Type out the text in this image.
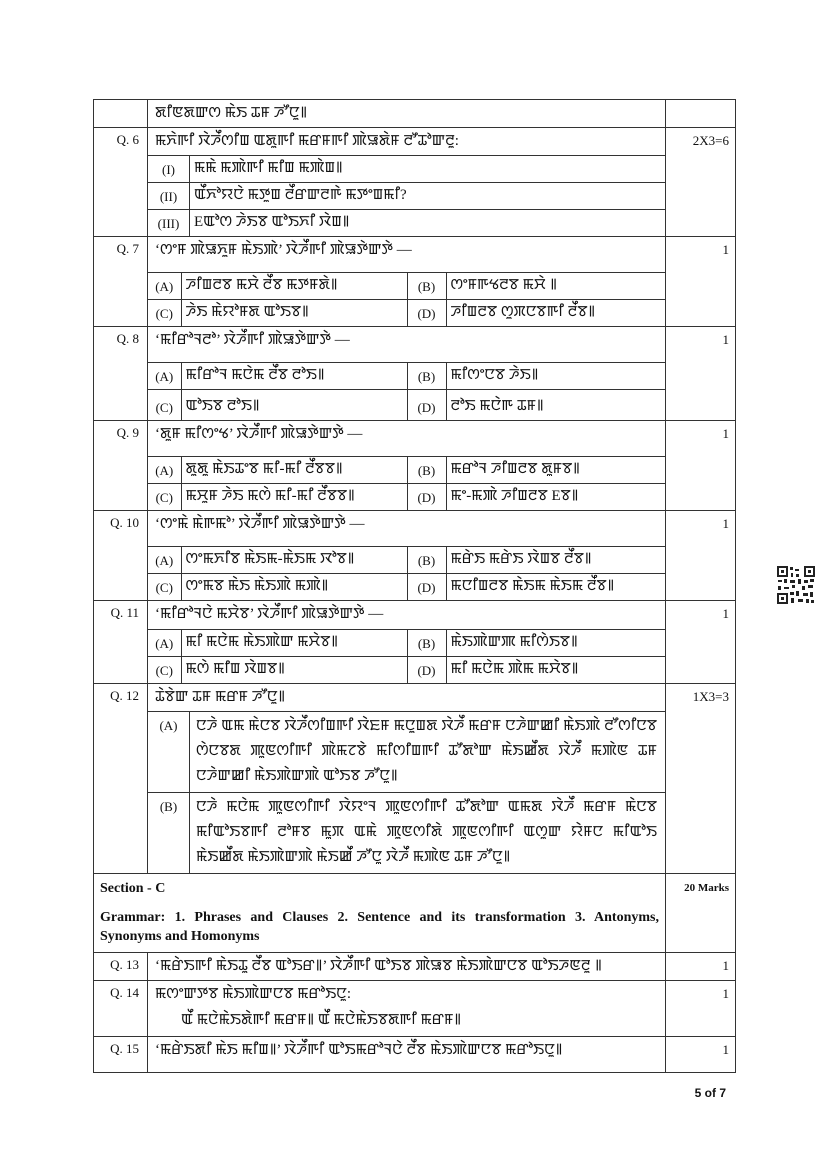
ꯗꯤꯟꯗꯛꯁ ꯃꯥꯏ ꯊꯝ ꯍꯧꯅꯨ꯫

Q. 6	ꯃꯈꯥꯒꯤ ꯋꯥꯍꯩꯁꯤꯡ ꯑꯗꯨꯒꯤ ꯃꯔꯝꯒꯤ ꯄꯥꯎꯗꯥꯝ ꯂꯧꯊꯣꯛꯂꯨ:
(I)	ꯃꯃꯥ ꯃꯄꯥꯒꯤ ꯃꯤꯡ ꯃꯄꯥꯡ꯫
(II)	ꯑꯩꯈꯣꯌꯅꯥ ꯃꯇꯨꯡ ꯂꯩꯔꯛꯂꯒꯥ ꯃꯇꯦꯡꯃꯤ?
(III)	Eꯑꯣꯁ ꯍꯥꯏꯕ ꯑꯣꯏꯈꯤ ꯋꯥꯡ꯫
	2X3=6
Q. 7	‘ꯁꯦꯝ ꯄꯥꯎꯈꯨꯝ ꯃꯥꯏꯄꯥ’ ꯋꯥꯍꯩꯒꯤ ꯄꯥꯎꯇꯥꯛꯇꯥ —
(A)	ꯍꯤꯡꯂꯕ ꯃꯆꯥ ꯂꯩꯕ ꯃꯇꯝꯗꯥ꯫	(B)	ꯁꯦꯝꯒꯠꯂꯕ ꯃꯆꯥ ꯫
(C)	ꯍꯥꯏ ꯃꯥꯌꯣꯝꯗ ꯑꯣꯏꯕ꯫	(D)	ꯍꯤꯡꯂꯕ ꯁꯨꯞꯅꯕꯒꯤ ꯂꯩꯕ꯫
	1
Q. 8	‘ꯃꯤꯔꯣꯜꯂꯣ’ ꯋꯥꯍꯩꯒꯤ ꯄꯥꯎꯇꯥꯛꯇꯥ —
(A)	ꯃꯤꯔꯣꯜ ꯃꯅꯥꯃ ꯂꯩꯕ ꯂꯣꯏ꯫	(B)	ꯃꯤꯁꯦꯅꯕ ꯍꯥꯏ꯫
(C)	ꯑꯣꯏꯕ ꯂꯣꯏ꯫	(D)	ꯂꯣꯏ ꯃꯅꯥꯒ ꯊꯝ꯫
	1
Q. 9	‘ꯗꯨꯝ ꯃꯤꯁꯦꯠ’ ꯋꯥꯍꯩꯒꯤ ꯄꯥꯎꯇꯥꯛꯇꯥ —
(A)	ꯗꯨꯗꯨ ꯃꯥꯏꯊꯦꯕ ꯃꯤ-ꯃꯤ ꯂꯩꯕꯕ꯫	(B)	ꯃꯔꯣꯜ ꯍꯤꯡꯂꯕ ꯗꯨꯝꯕ꯫
(C)	ꯃꯆꯨꯝ ꯍꯥꯏ ꯃꯁꯥ ꯃꯤ-ꯃꯤ ꯂꯩꯕꯕ꯫	(D)	ꯃꯦ-ꯃꯄꯥ ꯍꯤꯡꯂꯕ Eꯕ꯫
	1
Q. 10	‘ꯁꯦꯃꯥ ꯃꯥꯒꯃꯣ’ ꯋꯥꯍꯩꯒꯤ ꯄꯥꯎꯇꯥꯛꯇꯥ —
(A)	ꯁꯦꯃꯈꯤꯕ ꯃꯥꯏꯃ-ꯃꯥꯏꯃ ꯋꯣꯕ꯫	(B)	ꯃꯔꯥꯏ ꯃꯔꯥꯏ ꯋꯥꯡꯕ ꯂꯩꯕ꯫
(C)	ꯁꯦꯃꯕ ꯃꯥꯏ ꯃꯥꯏꯄꯥ ꯃꯄꯥ꯫	(D)	ꯃꯅꯤꯡꯂꯕ ꯃꯥꯏꯃ ꯃꯥꯏꯃ ꯂꯩꯕ꯫
	1
Q. 11	‘ꯃꯤꯔꯣꯜꯅꯥ ꯃꯆꯥꯕ’ ꯋꯥꯍꯩꯒꯤ ꯄꯥꯎꯇꯥꯛꯇꯥ —
(A)	ꯃꯤ ꯃꯅꯥꯃ ꯃꯥꯏꯄꯥꯛ ꯃꯆꯥꯕ꯫	(B)	ꯃꯥꯏꯄꯥꯛꯄ ꯃꯤꯁꯥꯏꯕ꯫
(C)	ꯃꯁꯥ ꯃꯤꯡ ꯋꯥꯡꯕ꯫	(D)	ꯃꯤ ꯃꯅꯥꯃ ꯄꯥꯃ ꯃꯆꯥꯕ꯫
	1
Q. 12	ꯊꯥꯕꯥꯛ ꯊꯝ ꯃꯔꯝ ꯍꯧꯅꯨ꯫
(A)	ꯅꯍꯥ ꯑꯃ ꯃꯥꯅꯕ ꯋꯥꯍꯩꯁꯤꯡꯒꯤ ꯋꯥꯐꯝ ꯃꯅꯨꯡꯗ ꯋꯥꯍꯩ ꯃꯔꯝ ꯅꯍꯥꯛꯀꯤ ꯃꯥꯏꯄꯥ ꯂꯧꯁꯤꯅꯕ ꯁꯥꯅꯕꯗ ꯄꯨꯟꯁꯤꯒꯤ ꯄꯥꯃꯖꯕꯥ ꯃꯤꯁꯤꯡꯒꯤ ꯊꯧꯗꯣꯛ ꯃꯥꯏꯀꯩꯗ ꯋꯥꯍꯩ ꯃꯄꯥꯟ ꯊꯝ ꯅꯍꯥꯛꯀꯤ ꯃꯥꯏꯄꯥꯛꯄꯥ ꯑꯣꯏꯕ ꯍꯧꯅꯨ꯫
(B)	ꯅꯍꯥ ꯃꯅꯥꯃ ꯄꯨꯟꯁꯤꯒꯤ ꯋꯥꯌꯦꯜ ꯄꯨꯟꯁꯤꯒꯤ ꯊꯧꯗꯣꯛ ꯑꯃꯗ ꯋꯥꯍꯩ ꯃꯔꯝ ꯃꯥꯅꯕ ꯃꯤꯑꯣꯏꯕꯒꯤ ꯂꯣꯝꯕ ꯃꯨꯞ ꯑꯃꯥ ꯄꯨꯟꯁꯤꯗꯥ ꯄꯨꯟꯁꯤꯒꯤ ꯑꯁꯨꯛ ꯌꯥꯝꯅ ꯃꯤꯑꯣꯏ ꯃꯥꯏꯀꯩꯗ ꯃꯥꯏꯄꯥꯛꯄꯥ ꯃꯥꯏꯀꯩ ꯍꯧꯅꯨ ꯋꯥꯍꯩ ꯃꯄꯥꯟ ꯊꯝ ꯍꯧꯅꯨ꯫
	1X3=3

Section - C
Grammar: 1. Phrases and Clauses 2. Sentence and its transformation 3. Antonyms, Synonyms and Homonyms
	20 Marks
Q. 13	‘ꯃꯔꯥꯏꯒꯤ ꯃꯥꯏꯊꯨ ꯂꯩꯕ ꯑꯣꯏꯔ꯫’ ꯋꯥꯍꯩꯒꯤ ꯑꯣꯏꯕ ꯄꯥꯎꯕ ꯃꯥꯏꯄꯥꯛꯅꯕ ꯑꯣꯏꯍꯟꯂꯨ ꯫	1
Q. 14	ꯃꯁꯦꯛꯇꯕ ꯃꯥꯏꯄꯥꯛꯅꯕ ꯃꯔꯣꯏꯅꯨ:
ꯑꯩ ꯃꯅꯥꯃꯥꯏꯗꯥꯒꯤ ꯃꯔꯝ꯫ ꯑꯩ ꯃꯅꯥꯃꯥꯏꯕꯗꯒꯤ ꯃꯔꯝ꯫
	1
Q. 15	‘ꯃꯔꯥꯏꯗꯤ ꯃꯥꯏ ꯃꯤꯡ꯫’ ꯋꯥꯍꯩꯒꯤ ꯑꯣꯏꯃꯔꯣꯜꯅꯥ ꯂꯩꯕ ꯃꯥꯏꯄꯥꯛꯅꯕ ꯃꯔꯣꯏꯅꯨ꯫	1
5 of 7
